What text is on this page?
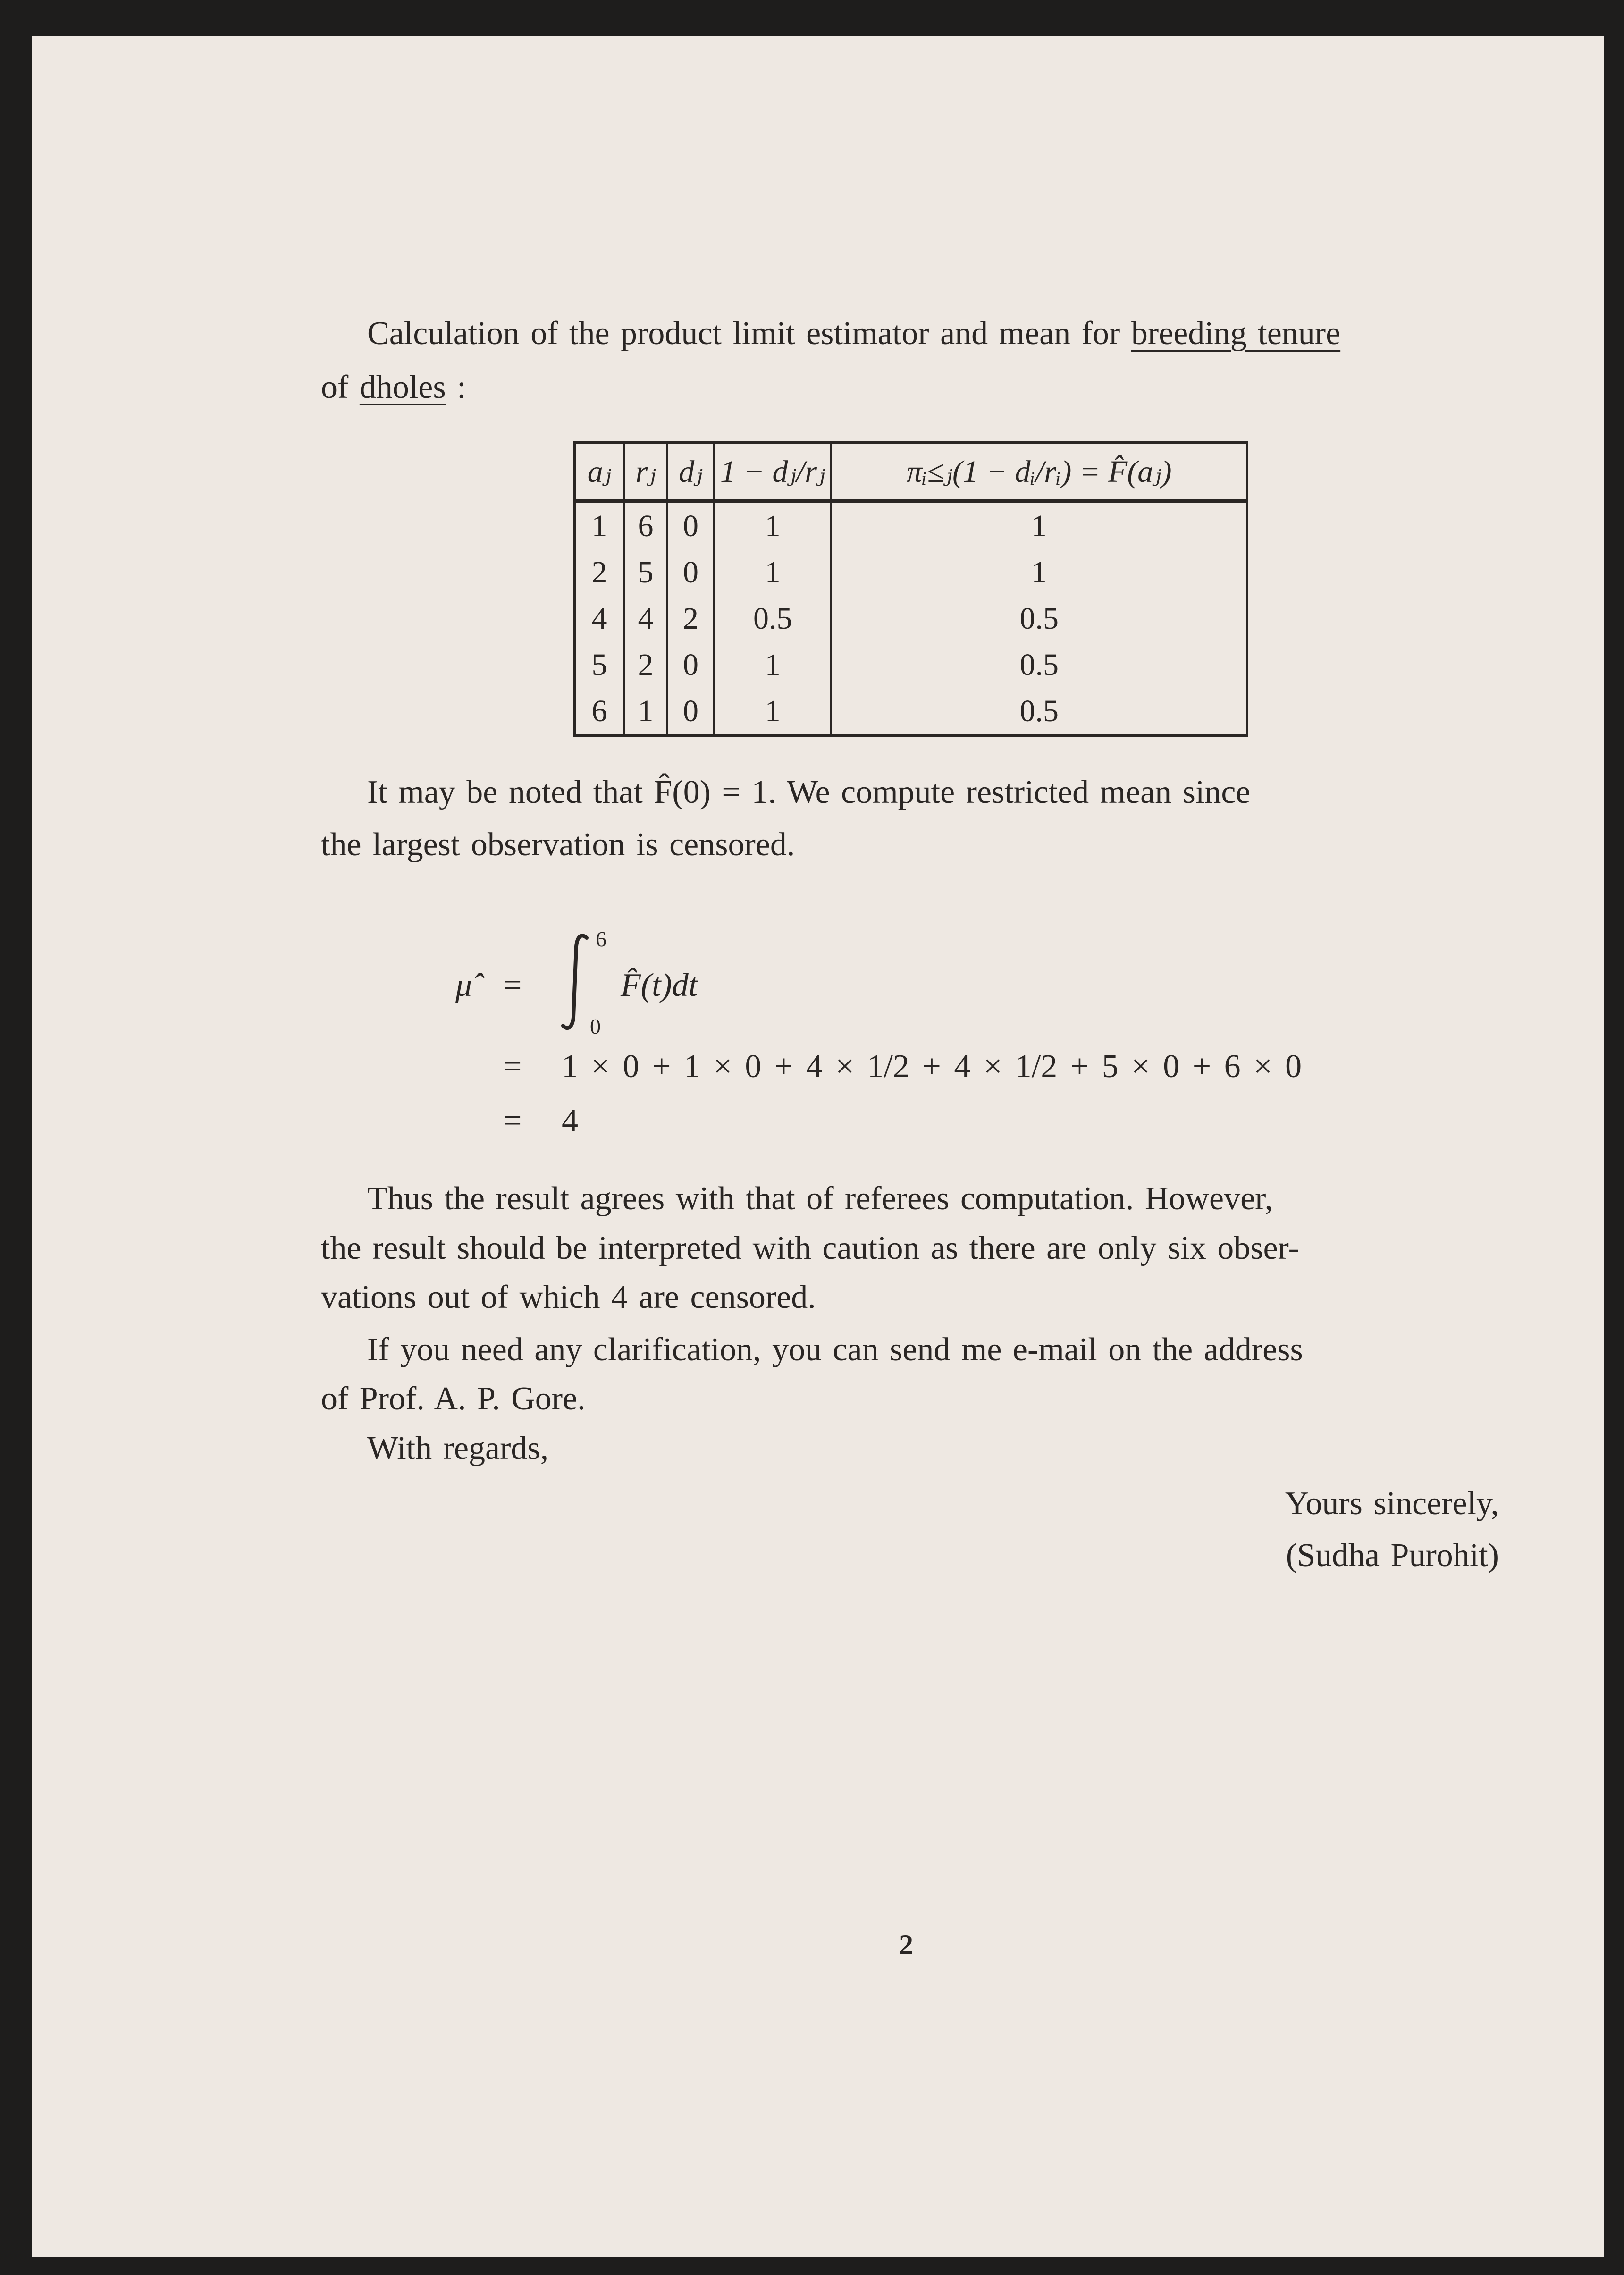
Calculation of the product limit estimator and mean for breeding tenure
of dholes :
aⱼ	rⱼ	dⱼ	1 − dⱼ/rⱼ	πᵢ≤ⱼ(1 − dᵢ/rᵢ) = F̂(aⱼ)
1	6	0	1	1
2	5	0	1	1
4	4	2	0.5	0.5
5	2	0	1	0.5
6	1	0	1	0.5
It may be noted that F̂(0) = 1. We compute restricted mean since
the largest observation is censored.
μ̂ =
6
0
F̂(t)dt
= 1 × 0 + 1 × 0 + 4 × 1/2 + 4 × 1/2 + 5 × 0 + 6 × 0
= 4
Thus the result agrees with that of referees computation. However,
the result should be interpreted with caution as there are only six obser-
vations out of which 4 are censored.
If you need any clarification, you can send me e-mail on the address
of Prof. A. P. Gore.
With regards,
Yours sincerely,
(Sudha Purohit)
2
